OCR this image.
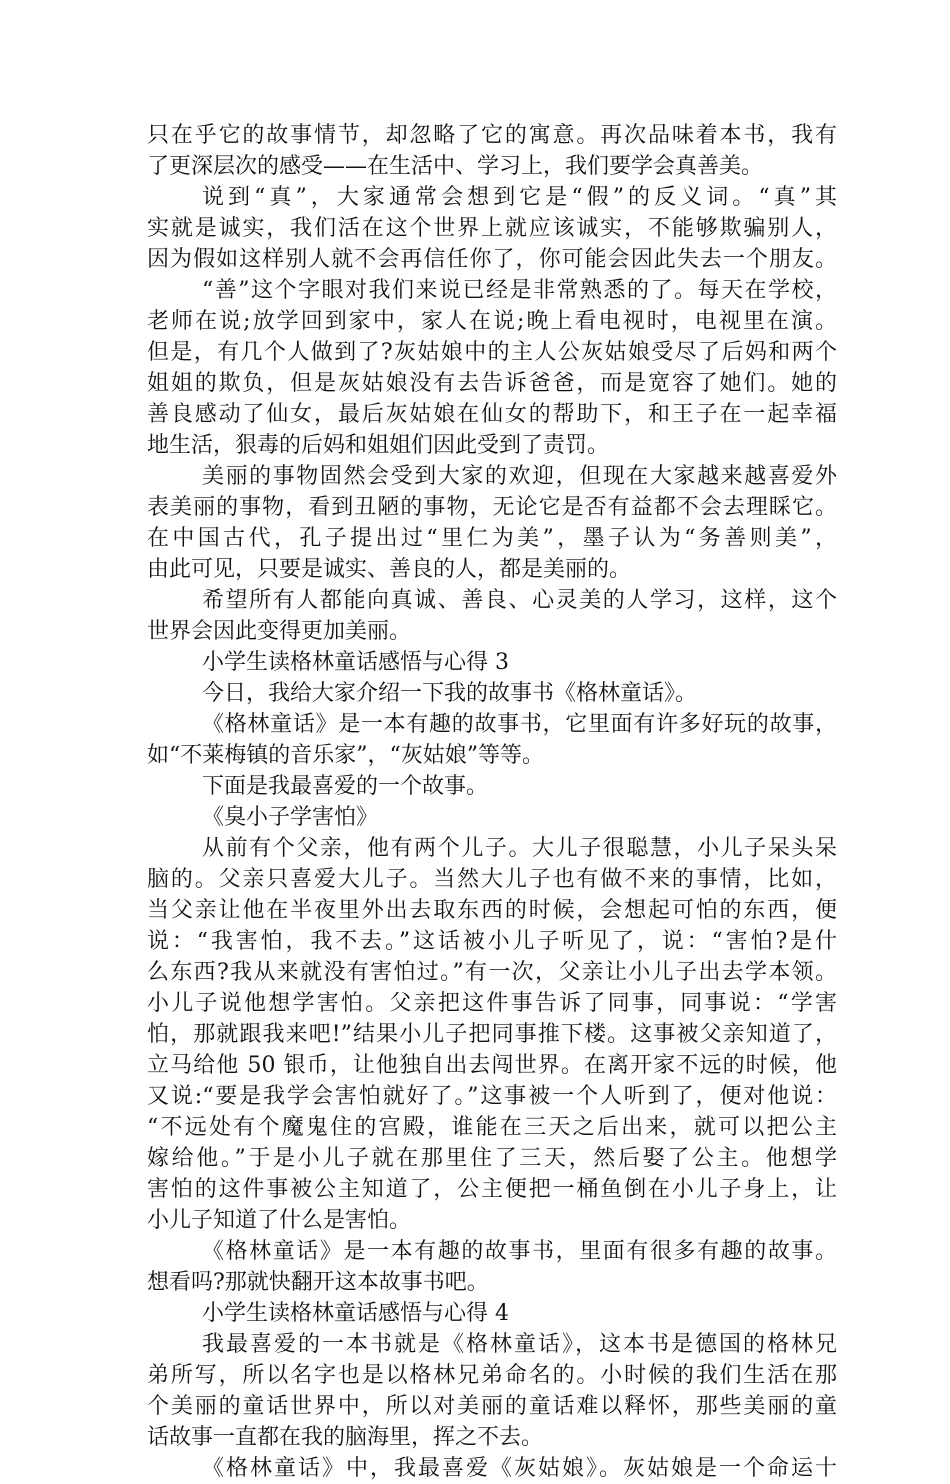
只在乎它的故事情节，却忽略了它的寓意。再次品味着本书，我有
了更深层次的感受——在生活中、学习上，我们要学会真善美。
说到“真”，大家通常会想到它是“假”的反义词。“真”其
实就是诚实，我们活在这个世界上就应该诚实，不能够欺骗别人，
因为假如这样别人就不会再信任你了，你可能会因此失去一个朋友。
“善”这个字眼对我们来说已经是非常熟悉的了。每天在学校，
老师在说;放学回到家中，家人在说;晚上看电视时，电视里在演。
但是，有几个人做到了?灰姑娘中的主人公灰姑娘受尽了后妈和两个
姐姐的欺负，但是灰姑娘没有去告诉爸爸，而是宽容了她们。她的
善良感动了仙女，最后灰姑娘在仙女的帮助下，和王子在一起幸福
地生活，狠毒的后妈和姐姐们因此受到了责罚。
美丽的事物固然会受到大家的欢迎，但现在大家越来越喜爱外
表美丽的事物，看到丑陋的事物，无论它是否有益都不会去理睬它。
在中国古代，孔子提出过“里仁为美”，墨子认为“务善则美”，
由此可见，只要是诚实、善良的人，都是美丽的。
希望所有人都能向真诚、善良、心灵美的人学习，这样，这个
世界会因此变得更加美丽。
小学生读格林童话感悟与心得 3
今日，我给大家介绍一下我的故事书《格林童话》。
《格林童话》是一本有趣的故事书，它里面有许多好玩的故事，
如“不莱梅镇的音乐家”，“灰姑娘”等等。
下面是我最喜爱的一个故事。
《臭小子学害怕》
从前有个父亲，他有两个儿子。大儿子很聪慧，小儿子呆头呆
脑的。父亲只喜爱大儿子。当然大儿子也有做不来的事情，比如，
当父亲让他在半夜里外出去取东西的时候，会想起可怕的东西，便
说：“我害怕，我不去。”这话被小儿子听见了，说：“害怕?是什
么东西?我从来就没有害怕过。”有一次，父亲让小儿子出去学本领。
小儿子说他想学害怕。父亲把这件事告诉了同事，同事说：“学害
怕，那就跟我来吧!”结果小儿子把同事推下楼。这事被父亲知道了，
立马给他 50 银币，让他独自出去闯世界。在离开家不远的时候，他
又说:“要是我学会害怕就好了。”这事被一个人听到了，便对他说：
“不远处有个魔鬼住的宫殿，谁能在三天之后出来，就可以把公主
嫁给他。”于是小儿子就在那里住了三天，然后娶了公主。他想学
害怕的这件事被公主知道了，公主便把一桶鱼倒在小儿子身上，让
小儿子知道了什么是害怕。
《格林童话》是一本有趣的故事书，里面有很多有趣的故事。
想看吗?那就快翻开这本故事书吧。
小学生读格林童话感悟与心得 4
我最喜爱的一本书就是《格林童话》，这本书是德国的格林兄
弟所写，所以名字也是以格林兄弟命名的。小时候的我们生活在那
个美丽的童话世界中，所以对美丽的童话难以释怀，那些美丽的童
话故事一直都在我的脑海里，挥之不去。
《格林童话》中，我最喜爱《灰姑娘》。灰姑娘是一个命运十
